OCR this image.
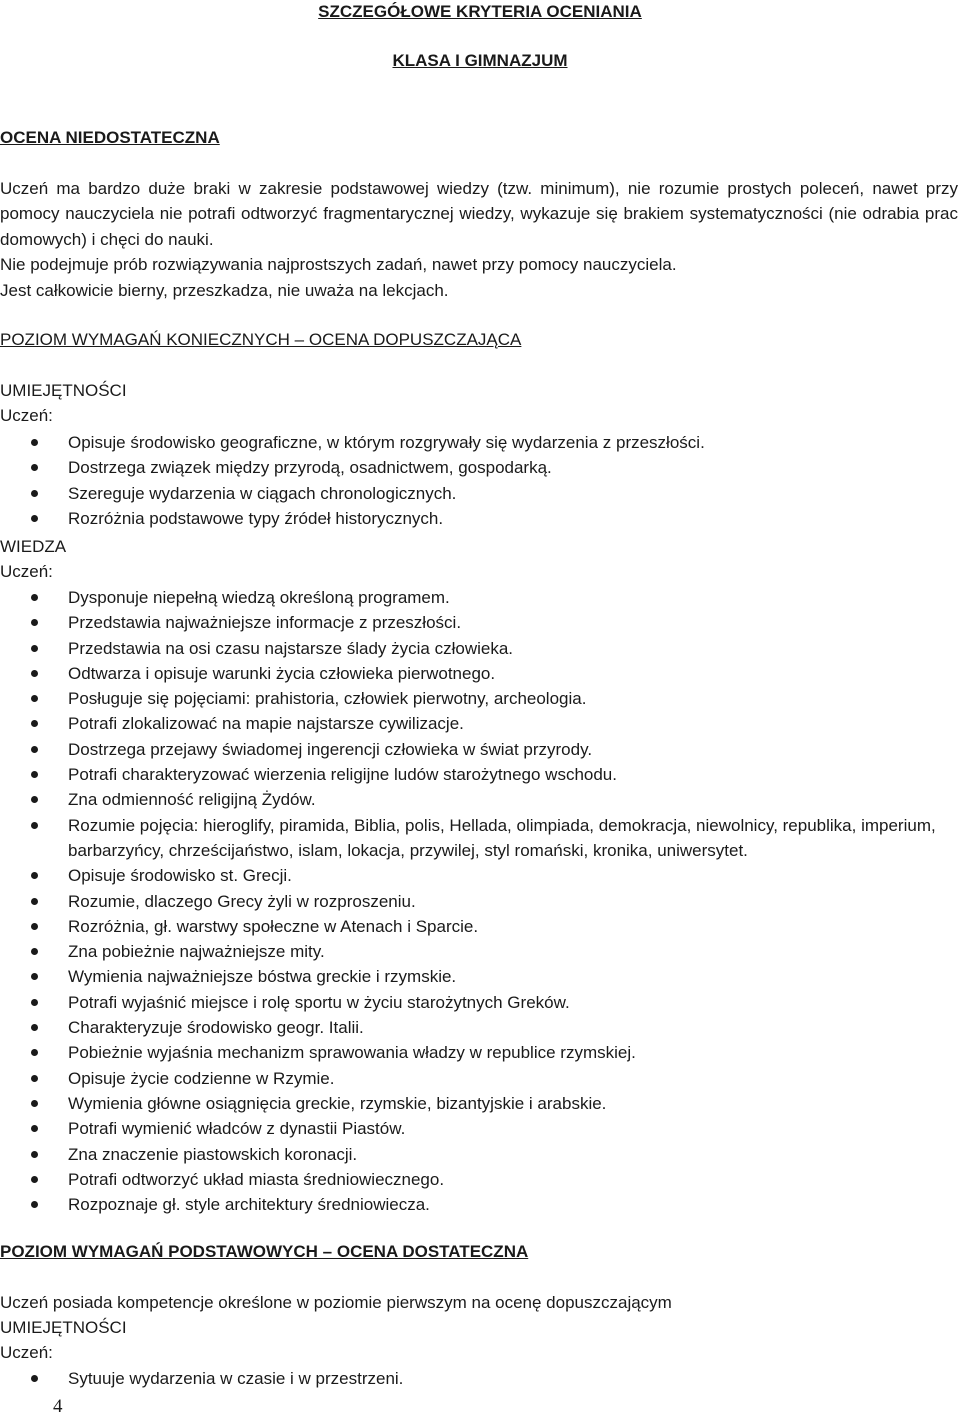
SZCZEGÓŁOWE KRYTERIA OCENIANIA
KLASA I GIMNAZJUM
OCENA NIEDOSTATECZNA
Uczeń ma bardzo duże braki w zakresie podstawowej wiedzy (tzw. minimum), nie rozumie prostych poleceń, nawet przy pomocy nauczyciela nie potrafi odtworzyć fragmentarycznej wiedzy, wykazuje się brakiem systematyczności (nie odrabia prac domowych) i chęci do nauki.
Nie podejmuje prób rozwiązywania najprostszych zadań, nawet przy pomocy nauczyciela.
Jest całkowicie bierny, przeszkadza, nie uważa na lekcjach.
POZIOM WYMAGAŃ KONIECZNYCH – OCENA DOPUSZCZAJĄCA
UMIEJĘTNOŚCI
Uczeń:
Opisuje środowisko geograficzne, w którym rozgrywały się wydarzenia z przeszłości.
Dostrzega związek między przyrodą, osadnictwem, gospodarką.
Szereguje wydarzenia w ciągach chronologicznych.
Rozróżnia podstawowe typy źródeł historycznych.
WIEDZA
Uczeń:
Dysponuje niepełną wiedzą określoną programem.
Przedstawia najważniejsze informacje z przeszłości.
Przedstawia na osi czasu najstarsze ślady życia człowieka.
Odtwarza i opisuje warunki życia człowieka pierwotnego.
Posługuje się pojęciami: prahistoria, człowiek pierwotny, archeologia.
Potrafi zlokalizować na mapie najstarsze cywilizacje.
Dostrzega przejawy świadomej ingerencji człowieka w świat przyrody.
Potrafi charakteryzować wierzenia religijne ludów starożytnego wschodu.
Zna odmienność religijną Żydów.
Rozumie pojęcia: hieroglify, piramida, Biblia, polis, Hellada, olimpiada, demokracja, niewolnicy, republika, imperium, barbarzyńcy, chrześcijaństwo, islam, lokacja, przywilej, styl romański, kronika, uniwersytet.
Opisuje środowisko st. Grecji.
Rozumie, dlaczego Grecy żyli w rozproszeniu.
Rozróżnia, gł. warstwy społeczne w Atenach i Sparcie.
Zna pobieżnie najważniejsze mity.
Wymienia najważniejsze bóstwa greckie i rzymskie.
Potrafi wyjaśnić miejsce i rolę sportu w życiu starożytnych Greków.
Charakteryzuje środowisko geogr. Italii.
Pobieżnie wyjaśnia mechanizm sprawowania władzy w republice rzymskiej.
Opisuje życie codzienne w Rzymie.
Wymienia główne osiągnięcia greckie, rzymskie, bizantyjskie i arabskie.
Potrafi wymienić władców z dynastii Piastów.
Zna znaczenie piastowskich koronacji.
Potrafi odtworzyć układ miasta średniowiecznego.
Rozpoznaje gł. style architektury średniowiecza.
POZIOM WYMAGAŃ PODSTAWOWYCH – OCENA DOSTATECZNA
Uczeń posiada kompetencje określone w poziomie pierwszym na ocenę dopuszczającym
UMIEJĘTNOŚCI
Uczeń:
Sytuuje wydarzenia w czasie i w przestrzeni.
4
